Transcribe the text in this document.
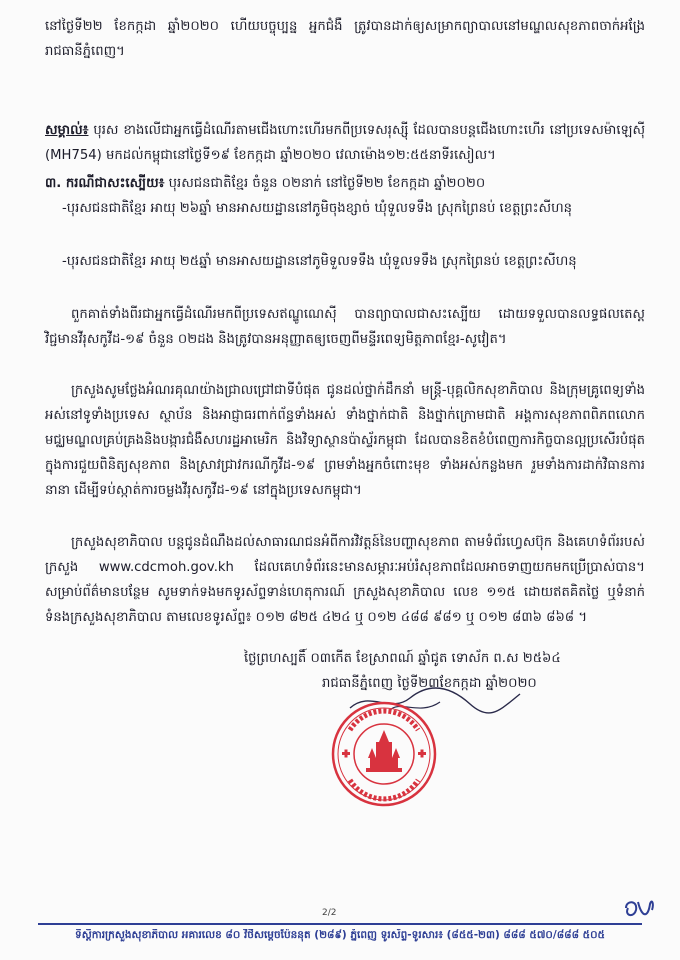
នៅថ្ងៃទី២២ ខែកក្កដា ឆ្នាំ២០២០ ហើយបច្ចុប្បន្ន អ្នកជំងឺ ត្រូវបានដាក់ឲ្យសម្រាកព្យាបាលនៅមណ្ឌលសុខភាពចាក់អង្រែ រាជធានីភ្នំពេញ។

សម្គាល់៖ បុរស ខាងលើជាអ្នកធ្វើដំណើរតាមជើងហោះហើរមកពីប្រទេសរុស្ស៊ី ដែលបានបន្តជើងហោះហើរ នៅប្រទេសម៉ាឡេស៊ី (MH754) មកដល់កម្ពុជានៅថ្ងៃទី១៩ ខែកក្កដា ឆ្នាំ២០២០ វេលាម៉ោង១២:៥៥នាទីរសៀល។

៣. ករណីជាសះស្បើយ៖ បុរសជនជាតិខ្មែរ ចំនួន ០២នាក់ នៅថ្ងៃទី២២ ខែកក្កដា ឆ្នាំ២០២០

-បុរសជនជាតិខ្មែរ អាយុ ២៦ឆ្នាំ មានអាសយដ្ឋាននៅភូមិចុងខ្សាច់ ឃុំទួលទទឹង ស្រុកព្រៃនប់ ខេត្តព្រះសីហនុ

-បុរសជនជាតិខ្មែរ អាយុ ២៥ឆ្នាំ មានអាសយដ្ឋាននៅភូមិទួលទទឹង ឃុំទួលទទឹង ស្រុកព្រៃនប់ ខេត្តព្រះសីហនុ

ពួកគាត់ទាំងពីរជាអ្នកធ្វើដំណើរមកពីប្រទេសឥណ្ឌូណេស៊ី បានព្យាបាលជាសះស្បើយ ដោយទទួលបានលទ្ធផលតេស្តវិជ្ជមានវីរុសកូវីដ-១៩ ចំនួន ០២ដង និងត្រូវបានអនុញ្ញាតឲ្យចេញពីមន្ទីរពេទ្យមិត្តភាពខ្មែរ-សូវៀត។

ក្រសួងសូមថ្លែងអំណរគុណយ៉ាងជ្រាលជ្រៅជាទីបំផុត ជូនដល់ថ្នាក់ដឹកនាំ មន្ត្រី-បុគ្គលិកសុខាភិបាល និងក្រុមគ្រូពេទ្យទាំងអស់នៅទូទាំងប្រទេស ស្ថាប័ន និងអាជ្ញាធរពាក់ព័ន្ធទាំងអស់ ទាំងថ្នាក់ជាតិ និងថ្នាក់ក្រោមជាតិ អង្គការសុខភាពពិភពលោក មជ្ឈមណ្ឌលគ្រប់គ្រងនិងបង្ការជំងឺសហរដ្ឋអាមេរិក និងវិទ្យាស្ថានប៉ាស្ទ័រកម្ពុជា ដែលបានខិតខំបំពេញការកិច្ចបានល្អប្រសើរបំផុត ក្នុងការជួយពិនិត្យសុខភាព និងស្រាវជ្រាវករណីកូវីដ-១៩ ព្រមទាំងអ្នកចំពោះមុខ ទាំងអស់កន្លងមក រួមទាំងការដាក់វិធានការនានា ដើម្បីទប់ស្កាត់ការចម្លងវីរុសកូវីដ-១៩ នៅក្នុងប្រទេសកម្ពុជា។

ក្រសួងសុខាភិបាល បន្តជូនដំណឹងដល់សាធារណជនអំពីការវិវត្តន៍នៃបញ្ហាសុខភាព តាមទំព័រហ្វេសប៊ុក និងគេហទំព័ររបស់ក្រសួង www.cdcmoh.gov.kh ដែលគេហទំព័រនេះមានសម្ភារៈអប់រំសុខភាពដែលអាចទាញយកមកប្រើប្រាស់បាន។ សម្រាប់ព័ត៌មានបន្ថែម សូមទាក់ទងមកទូរស័ព្ទទាន់ហេតុការណ៍ ក្រសួងសុខាភិបាល លេខ ១១៥ ដោយឥតគិតថ្លៃ ឬទំនាក់ទំនងក្រសួងសុខាភិបាល តាមលេខទូរស័ព្ទ៖ ០១២ ៨២៥ ៤២៤ ឬ ០១២ ៤៨៨ ៩៨១ ឬ ០១២ ៨៣៦ ៨៦៨ ។

ថ្ងៃព្រហស្បតិ៍ ០៣កើត ខែស្រាពណ៍ ឆ្នាំជូត ទោស័ក ព.ស ២៥៦៤

រាជធានីភ្នំពេញ ថ្ងៃទី២៣ខែកក្កដា ឆ្នាំ២០២០

2/2
ទីស្តីការក្រសួងសុខាភិបាល អគារលេខ ៨០ វិថីសម្តេចប៉ែននុត (២៨៩) ភ្នំពេញ ទូរស័ព្ទ-ទូរសារ៖ (៨៥៥-២៣) ៨៨៨ ៥៧០/៨៨៨ ៥០៥
